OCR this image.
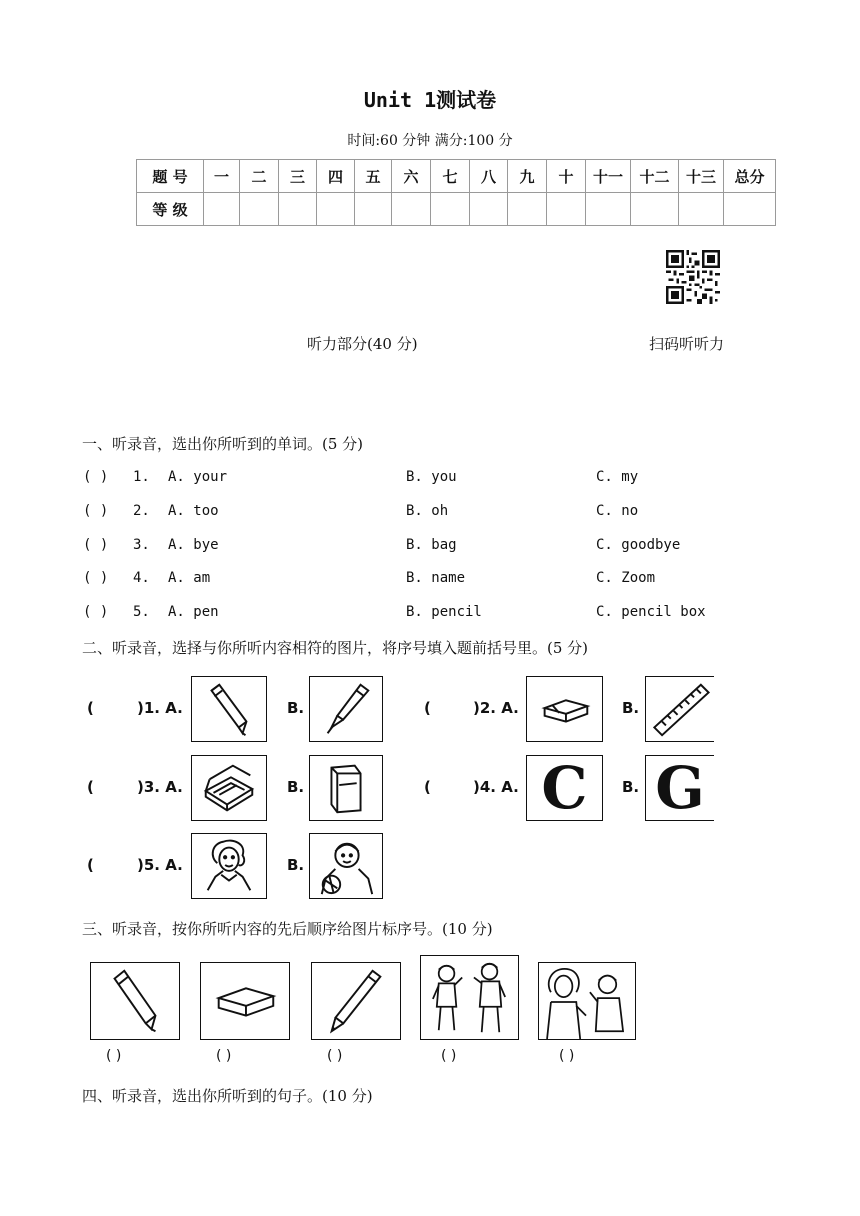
Unit 1测试卷
时间:60 分钟 满分:100 分
题 号	一	二	三	四	五	六	七	八	九	十	十一	十二	十三	总分
等 级														
听力部分(40 分)	扫码听听力
一、听录音，选出你所听到的单词。(5 分)
( ) 1. A. your	B. you	C. my
( ) 2. A. too	B. oh	C. no
( ) 3. A. bye	B. bag	C. goodbye
( ) 4. A. am	B. name	C. Zoom
( ) 5. A. pen	B. pencil	C. pencil box
二、听录音，选择与你所听内容相符的图片，将序号填入题前括号里。(5 分)
(	)1. A.	B.	(	)2. A.	B.
(	)3. A.	B.	(	)4. A. C	B. G
(	)5. A.	B.
三、听录音，按你所听内容的先后顺序给图片标序号。(10 分)
( )	( )	( )	( )	( )
四、听录音，选出你所听到的句子。(10 分)
